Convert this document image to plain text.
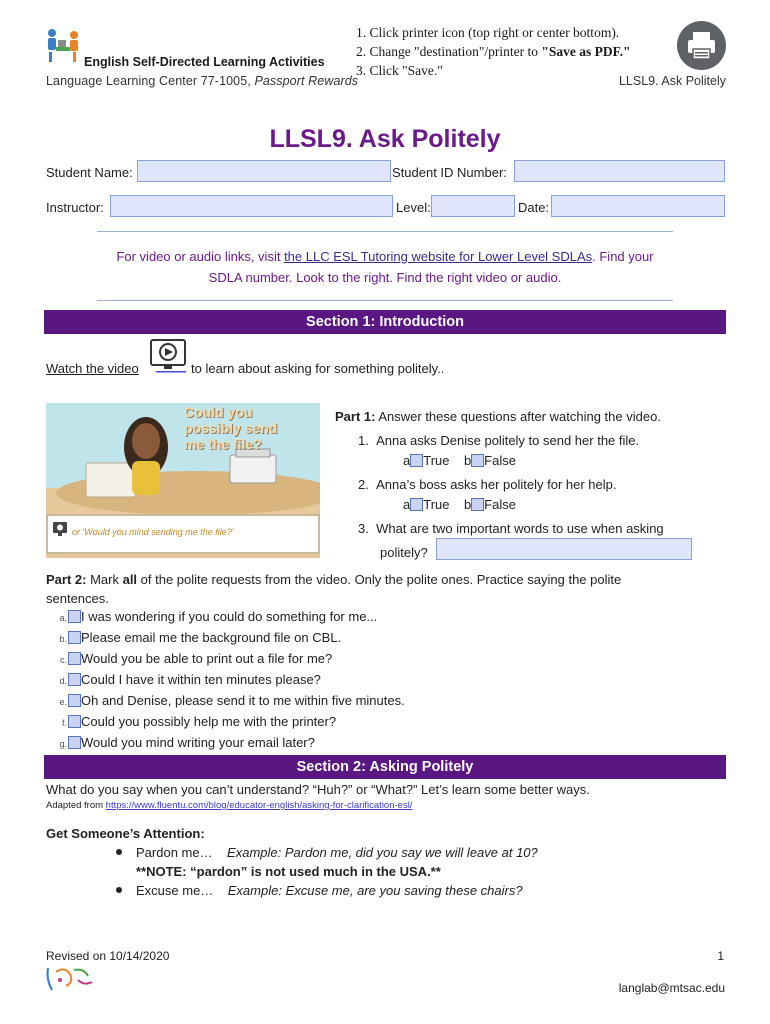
English Self-Directed Learning Activities
Language Learning Center 77-1005, Passport Rewards	LLSL9. Ask Politely
1. Click printer icon (top right or center bottom).
2. Change "destination"/printer to "Save as PDF."
3. Click "Save."
LLSL9. Ask Politely
Student Name:	Student ID Number:
Instructor:	Level:	Date:
For video or audio links, visit the LLC ESL Tutoring website for Lower Level SDLAs. Find your
SDLA number. Look to the right. Find the right video or audio.
Section 1: Introduction
Watch the video	to learn about asking for something politely..
Could you possibly send me the file?
or 'Would you mind sending me the file?'
Part 1: Answer these questions after watching the video.
1. Anna asks Denise politely to send her the file.
a True b False
2. Anna’s boss asks her politely for her help.
a True b False
3. What are two important words to use when asking
politely?
Part 2: Mark all of the polite requests from the video. Only the polite ones. Practice saying the polite
sentences.
a. I was wondering if you could do something for me...
b. Please email me the background file on CBL.
c. Would you be able to print out a file for me?
d. Could I have it within ten minutes please?
e. Oh and Denise, please send it to me within five minutes.
f. Could you possibly help me with the printer?
g. Would you mind writing your email later?
Section 2: Asking Politely
What do you say when you can’t understand? “Huh?” or “What?” Let’s learn some better ways.
Adapted from https://www.fluentu.com/blog/educator-english/asking-for-clarification-esl/
Get Someone’s Attention:
Pardon me… Example: Pardon me, did you say we will leave at 10?
**NOTE: “pardon” is not used much in the USA.**
Excuse me… Example: Excuse me, are you saving these chairs?
Revised on 10/14/2020	1
langlab@mtsac.edu
